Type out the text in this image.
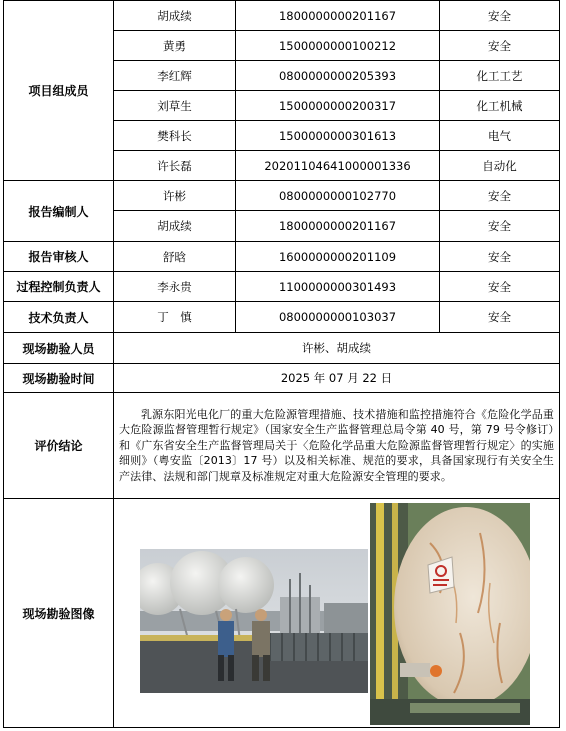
项目组成员	胡成续	1800000000201167	安全
	黄勇	1500000000100212	安全
	李红辉	0800000000205393	化工工艺
	刘草生	1500000000200317	化工机械
	樊科长	1500000000301613	电气
	许长磊	20201104641000001336	自动化
报告编制人	许彬	0800000000102770	安全
	胡成续	1800000000201167	安全
报告审核人	舒晗	1600000000201109	安全
过程控制负责人	李永贵	1100000000301493	安全
技术负责人	丁　慎	0800000000103037	安全
现场勘验人员	许彬、胡成续		
现场勘验时间	2025 年 07 月 22 日		
评价结论	乳源东阳光电化厂的重大危险源管理措施、技术措施和监控措施符合《危险化学品重大危险源监督管理暂行规定》（国家安全生产监督管理总局令第 40 号，第 79 号令修订）和《广东省安全生产监督管理局关于〈危险化学品重大危险源监督管理暂行规定〉的实施细则》（粤安监〔2013〕17 号）以及相关标准、规范的要求，具备国家现行有关安全生产法律、法规和部门规章及标准规定对重大危险源安全管理的要求。		
现场勘验图像	
